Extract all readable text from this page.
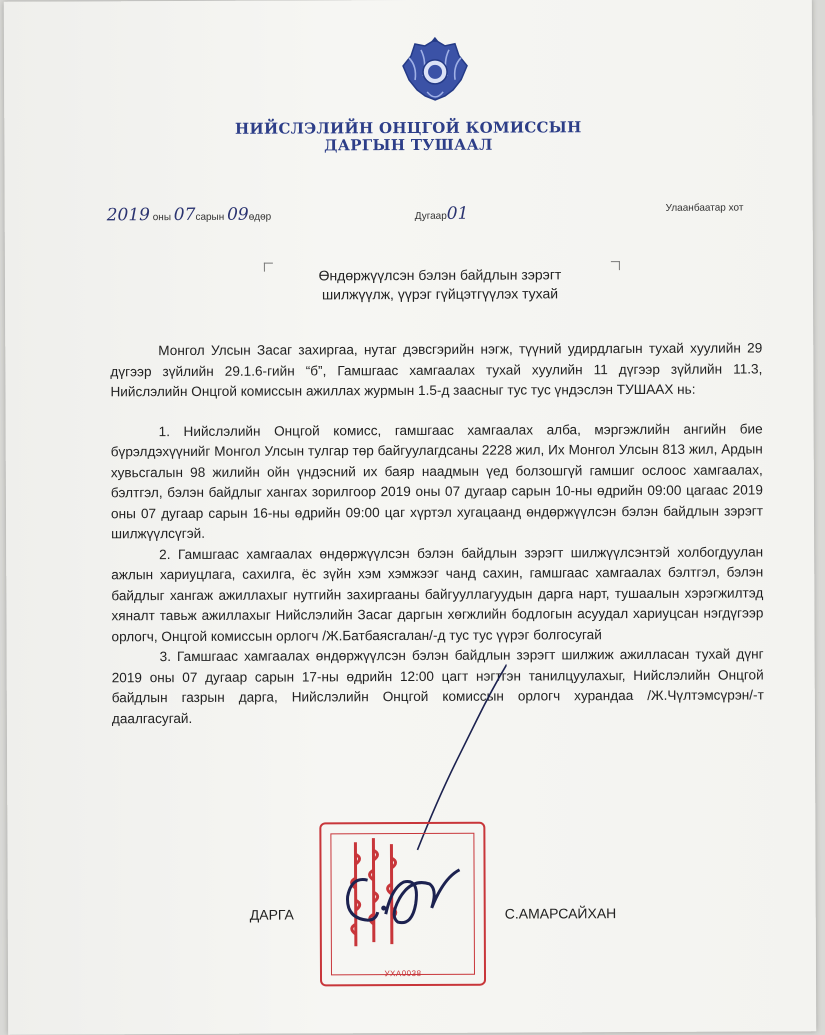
НИЙСЛЭЛИЙН ОНЦГОЙ КОМИССЫН
ДАРГЫН ТУШААЛ
2019 оны 07сарын 09өдөр	Дугаар01	Улаанбаатар хот
Өндөржүүлсэн бэлэн байдлын зэрэгт
шилжүүлж, үүрэг гүйцэтгүүлэх тухай

Монгол Улсын Засаг захиргаа, нутаг дэвсгэрийн нэгж, түүний удирдлагын тухай хуулийн 29 дүгээр зүйлийн 29.1.6-гийн “б”, Гамшгаас хамгаалах тухай хуулийн 11 дүгээр зүйлийн 11.3, Нийслэлийн Онцгой комиссын ажиллах журмын 1.5-д заасныг тус тус үндэслэн ТУШААХ нь:

1. Нийслэлийн Онцгой комисс, гамшгаас хамгаалах алба, мэргэжлийн ангийн бие бүрэлдэхүүнийг Монгол Улсын тулгар төр байгуулагдсаны 2228 жил, Их Монгол Улсын 813 жил, Ардын хувьсгалын 98 жилийн ойн үндэсний их баяр наадмын үед болзошгүй гамшиг ослоос хамгаалах, бэлтгэл, бэлэн байдлыг хангах зорилгоор 2019 оны 07 дугаар сарын 10-ны өдрийн 09:00 цагаас 2019 оны 07 дугаар сарын 16-ны өдрийн 09:00 цаг хүртэл хугацаанд өндөржүүлсэн бэлэн байдлын зэрэгт шилжүүлсүгэй.

2. Гамшгаас хамгаалах өндөржүүлсэн бэлэн байдлын зэрэгт шилжүүлсэнтэй холбогдуулан ажлын хариуцлага, сахилга, ёс зүйн хэм хэмжээг чанд сахин, гамшгаас хамгаалах бэлтгэл, бэлэн байдлыг хангаж ажиллахыг нутгийн захиргааны байгууллагуудын дарга нарт, тушаалын хэрэгжилтэд хяналт тавьж ажиллахыг Нийслэлийн Засаг даргын хөгжлийн бодлогын асуудал хариуцсан нэгдүгээр орлогч, Онцгой комиссын орлогч /Ж.Батбаясгалан/-д тус тус үүрэг болгосугай

3. Гамшгаас хамгаалах өндөржүүлсэн бэлэн байдлын зэрэгт шилжиж ажилласан тухай дүнг 2019 оны 07 дугаар сарын 17-ны өдрийн 12:00 цагт нэгтгэн танилцуулахыг, Нийслэлийн Онцгой байдлын газрын дарга, Нийслэлийн Онцгой комиссын орлогч хурандаа /Ж.Чүлтэмсүрэн/-т даалгасугай.

УХА0038
ДАРГА	С.АМАРСАЙХАН
